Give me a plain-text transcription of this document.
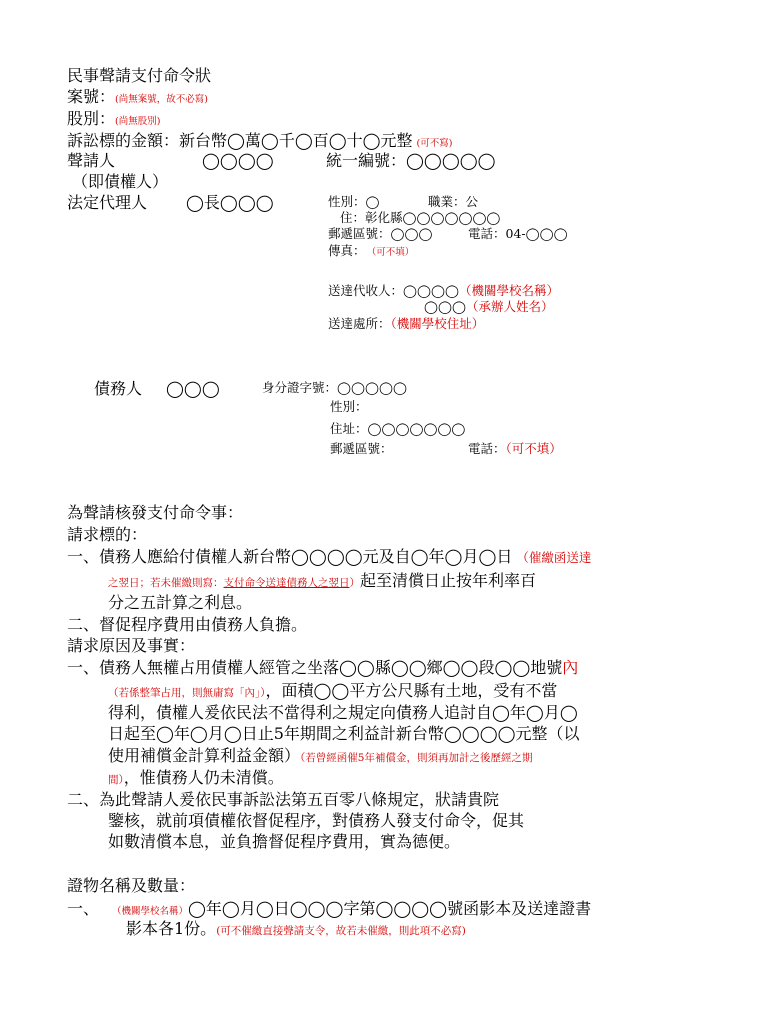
民事聲請支付命令狀
案號：(尚無案號，故不必寫)
股別：(尚無股別)
訴訟標的金額：新台幣◯萬◯千◯百◯十◯元整 (可不寫)
聲請人	◯◯◯◯	統一編號：◯◯◯◯◯
（即債權人）
法定代理人 ◯長◯◯◯	性別：◯	職業：公
住：彰化縣◯◯◯◯◯◯◯
郵遞區號：◯◯◯	電話：04-◯◯◯
傳真： （可不填）
送達代收人：◯◯◯◯（機關學校名稱）
◯◯◯（承辦人姓名）
送達處所：（機關學校住址）
債務人 ◯◯◯	身分證字號：◯◯◯◯◯
性別：
住址：◯◯◯◯◯◯◯
郵遞區號：	電話：（可不填）
為聲請核發支付命令事：
請求標的：
一、債務人應給付債權人新台幣◯◯◯◯元及自◯年◯月◯日 （催繳函送達
之翌日；若未催繳則寫：支付命令送達債務人之翌日）起至清償日止按年利率百
分之五計算之利息。
二、督促程序費用由債務人負擔。
請求原因及事實：
一、債務人無權占用債權人經管之坐落◯◯縣◯◯鄉◯◯段◯◯地號內
（若係整筆占用，則無庸寫「內」），面積◯◯平方公尺縣有土地，受有不當
得利，債權人爰依民法不當得利之規定向債務人追討自◯年◯月◯
日起至◯年◯月◯日止5年期間之利益計新台幣◯◯◯◯元整（以
使用補償金計算利益金額）（若曾經函催5年補償金，則須再加計之後歷經之期
間），惟債務人仍未清償。
二、為此聲請人爰依民事訴訟法第五百零八條規定，狀請貴院
鑒核，就前項債權依督促程序，對債務人發支付命令，促其
如數清償本息，並負擔督促程序費用，實為德便。
證物名稱及數量：
一、 （機關學校名稱）◯年◯月◯日◯◯◯字第◯◯◯◯號函影本及送達證書
影本各1份。(可不催繳直接聲請支令，故若未催繳，則此項不必寫)
